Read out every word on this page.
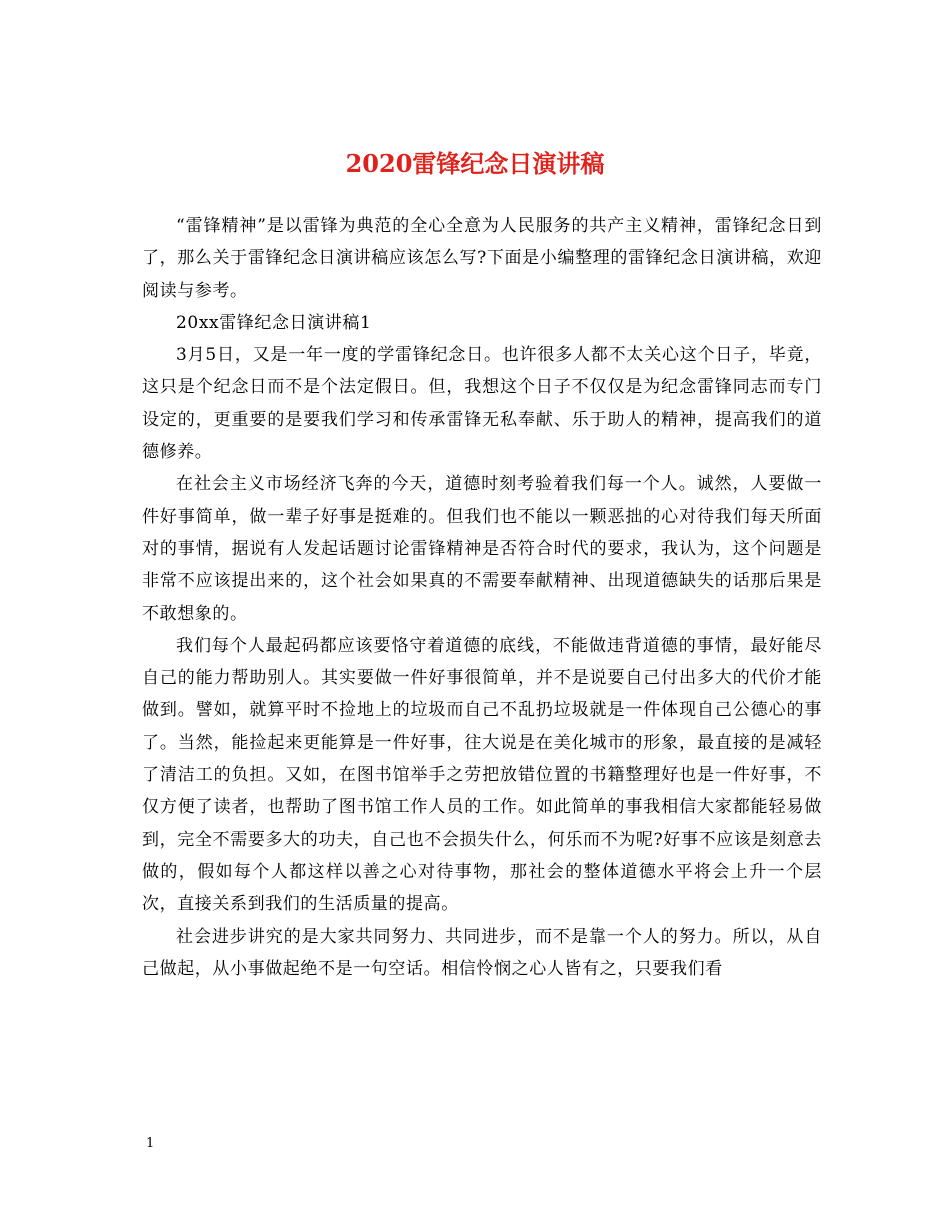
2020雷锋纪念日演讲稿

“雷锋精神”是以雷锋为典范的全心全意为人民服务的共产主义精神，雷锋纪念日到了，那么关于雷锋纪念日演讲稿应该怎么写?下面是小编整理的雷锋纪念日演讲稿，欢迎阅读与参考。

20xx雷锋纪念日演讲稿1

3月5日，又是一年一度的学雷锋纪念日。也许很多人都不太关心这个日子，毕竟，这只是个纪念日而不是个法定假日。但，我想这个日子不仅仅是为纪念雷锋同志而专门设定的，更重要的是要我们学习和传承雷锋无私奉献、乐于助人的精神，提高我们的道德修养。

在社会主义市场经济飞奔的今天，道德时刻考验着我们每一个人。诚然，人要做一件好事简单，做一辈子好事是挺难的。但我们也不能以一颗恶拙的心对待我们每天所面对的事情，据说有人发起话题讨论雷锋精神是否符合时代的要求，我认为，这个问题是非常不应该提出来的，这个社会如果真的不需要奉献精神、出现道德缺失的话那后果是不敢想象的。

我们每个人最起码都应该要恪守着道德的底线，不能做违背道德的事情，最好能尽自己的能力帮助别人。其实要做一件好事很简单，并不是说要自己付出多大的代价才能做到。譬如，就算平时不捡地上的垃圾而自己不乱扔垃圾就是一件体现自己公德心的事了。当然，能捡起来更能算是一件好事，往大说是在美化城市的形象，最直接的是减轻了清洁工的负担。又如，在图书馆举手之劳把放错位置的书籍整理好也是一件好事，不仅方便了读者，也帮助了图书馆工作人员的工作。如此简单的事我相信大家都能轻易做到，完全不需要多大的功夫，自己也不会损失什么，何乐而不为呢?好事不应该是刻意去做的，假如每个人都这样以善之心对待事物，那社会的整体道德水平将会上升一个层次，直接关系到我们的生活质量的提高。

社会进步讲究的是大家共同努力、共同进步，而不是靠一个人的努力。所以，从自己做起，从小事做起绝不是一句空话。相信怜悯之心人皆有之，只要我们看

1
